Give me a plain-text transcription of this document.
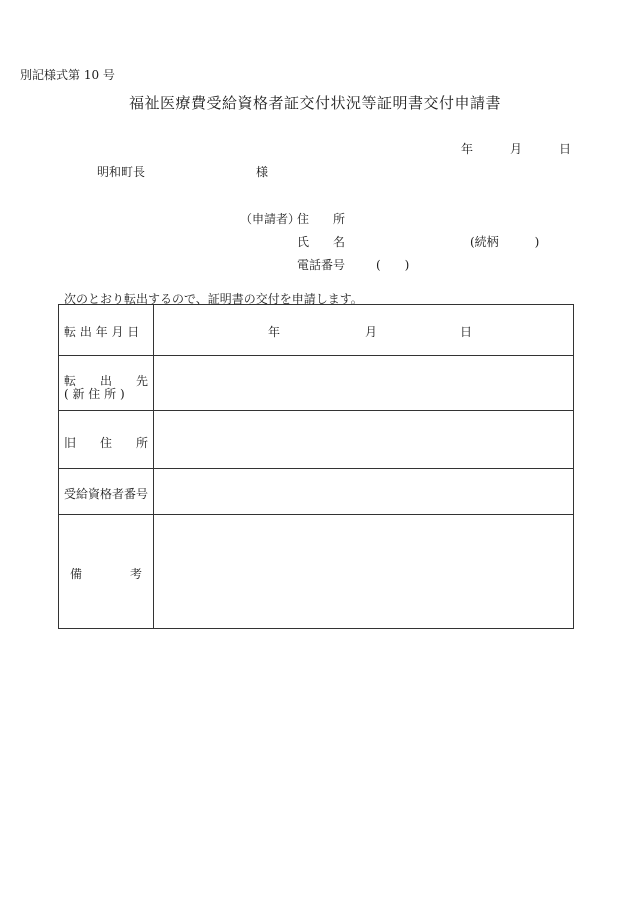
別記様式第 10 号
福祉医療費受給資格者証交付状況等証明書交付申請書
年	月	日
明和町長	様
（申請者）
住　　所
氏　　名	(続柄　　　)
電話番号	(　　)
次のとおり転出するので、証明書の交付を申請します。
転 出 年 月 日	年	月	日
転　　出　　先
( 新 住 所 )
旧　　住　　所
受給資格者番号
備　　　　考
